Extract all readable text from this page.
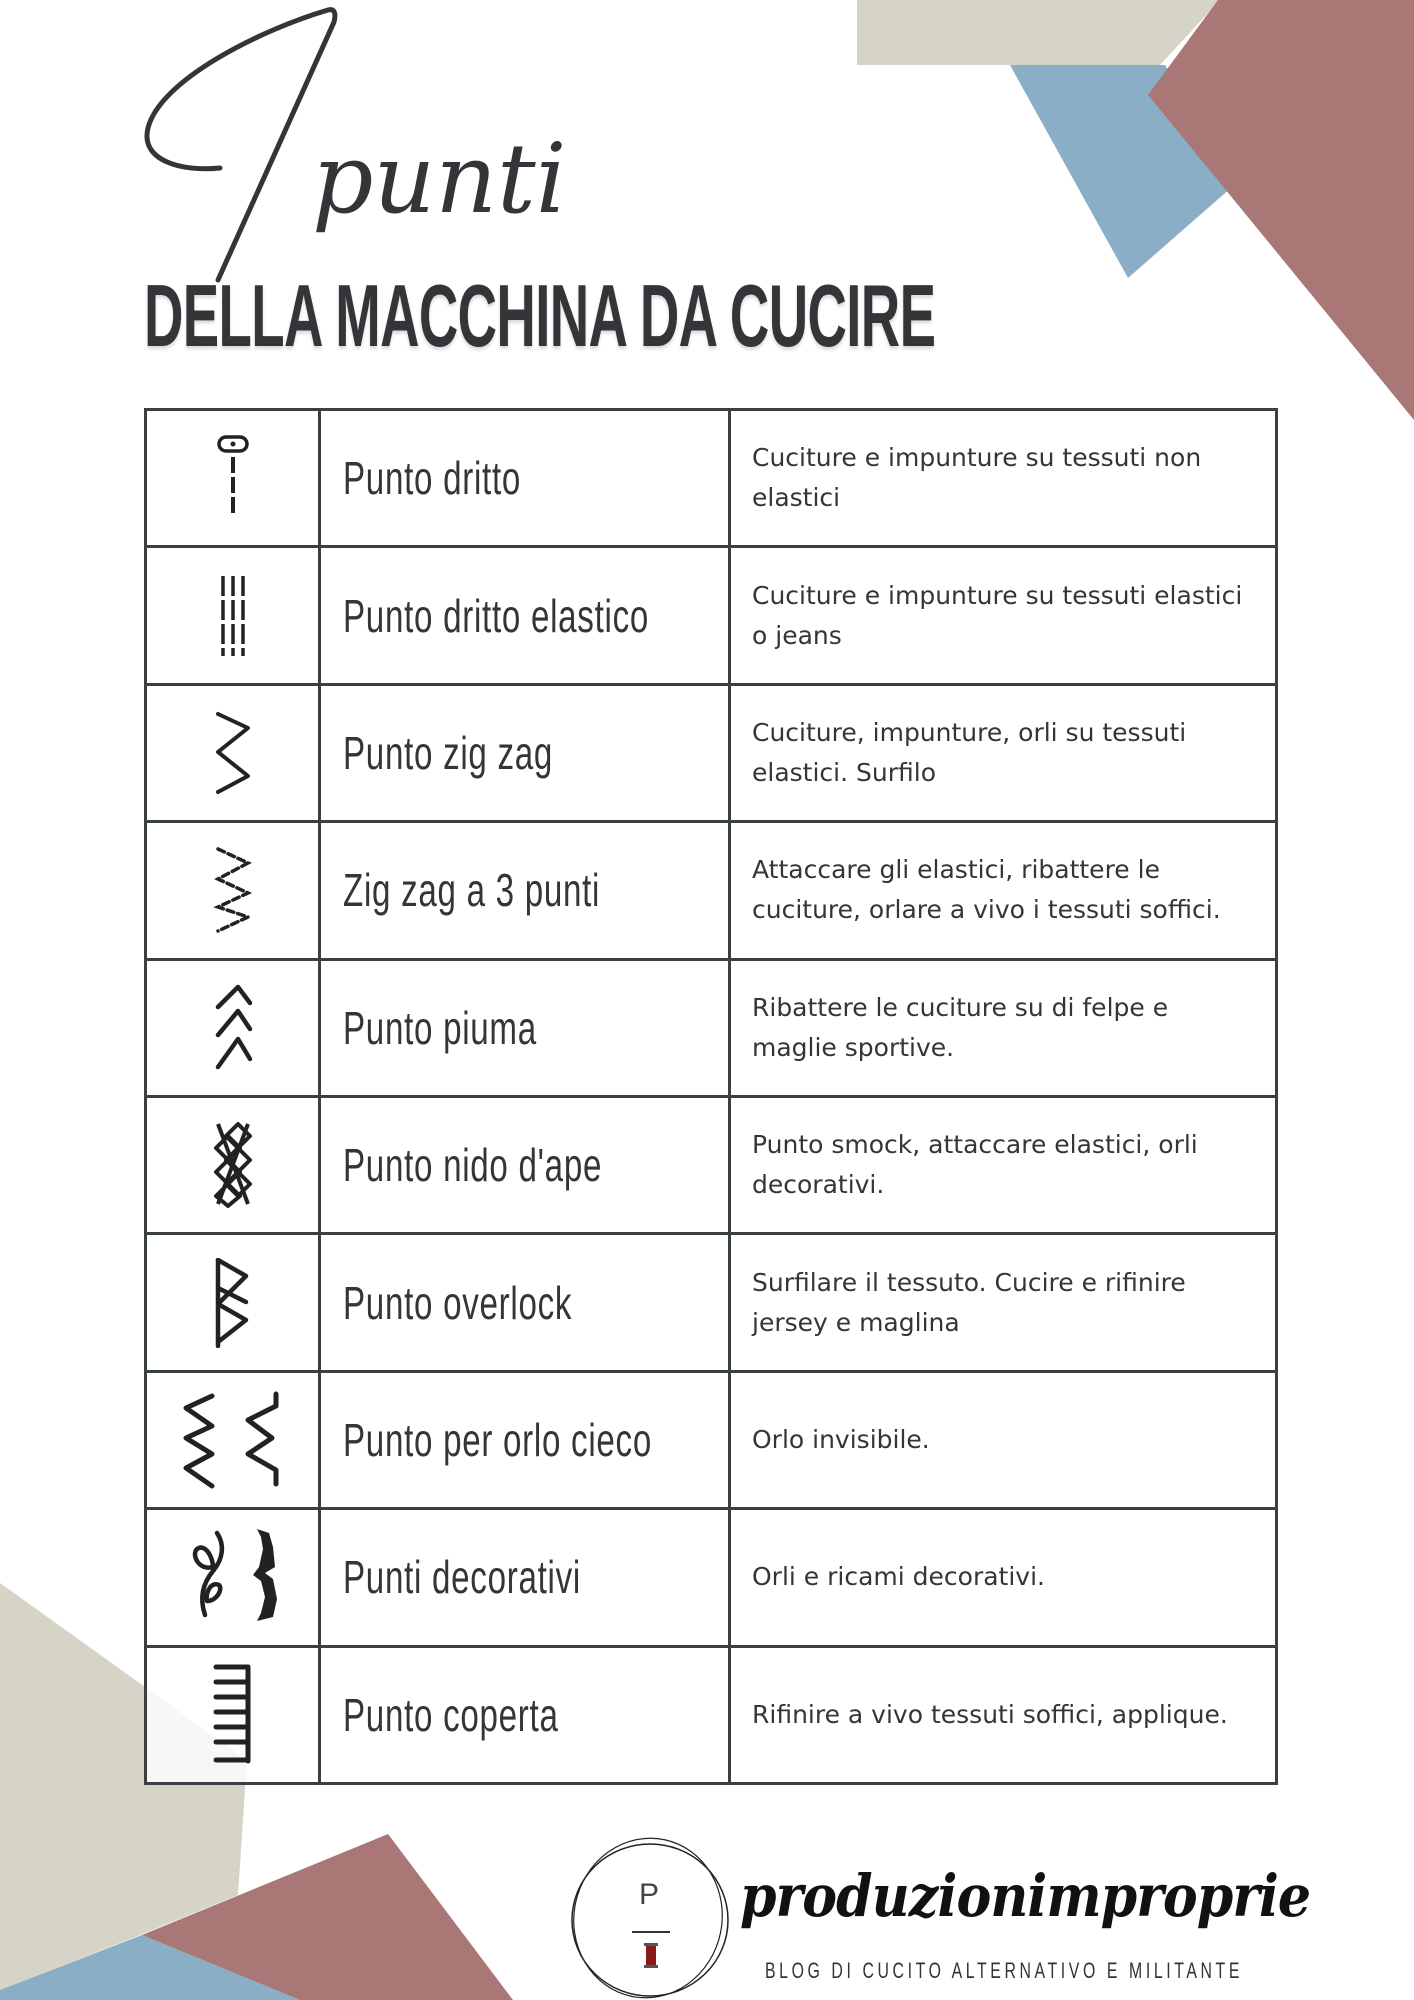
punti
DELLA MACCHINA DA CUCIRE
Punto dritto	Cuciture e impunture su tessuti non elastici
Punto dritto elastico	Cuciture e impunture su tessuti elastici o jeans
Punto zig zag	Cuciture, impunture, orli su tessuti elastici. Surfilo
Zig zag a 3 punti	Attaccare gli elastici, ribattere le cuciture, orlare a vivo i tessuti soffici.
Punto piuma	Ribattere le cuciture su di felpe e maglie sportive.
Punto nido d'ape	Punto smock, attaccare elastici, orli decorativi.
Punto overlock	Surfilare il tessuto. Cucire e rifinire jersey e maglina
Punto per orlo cieco	Orlo invisibile.
Punti decorativi	Orli e ricami decorativi.
Punto coperta	Rifinire a vivo tessuti soffici, applique.
P produzionimproprie
BLOG DI CUCITO ALTERNATIVO E MILITANTE
